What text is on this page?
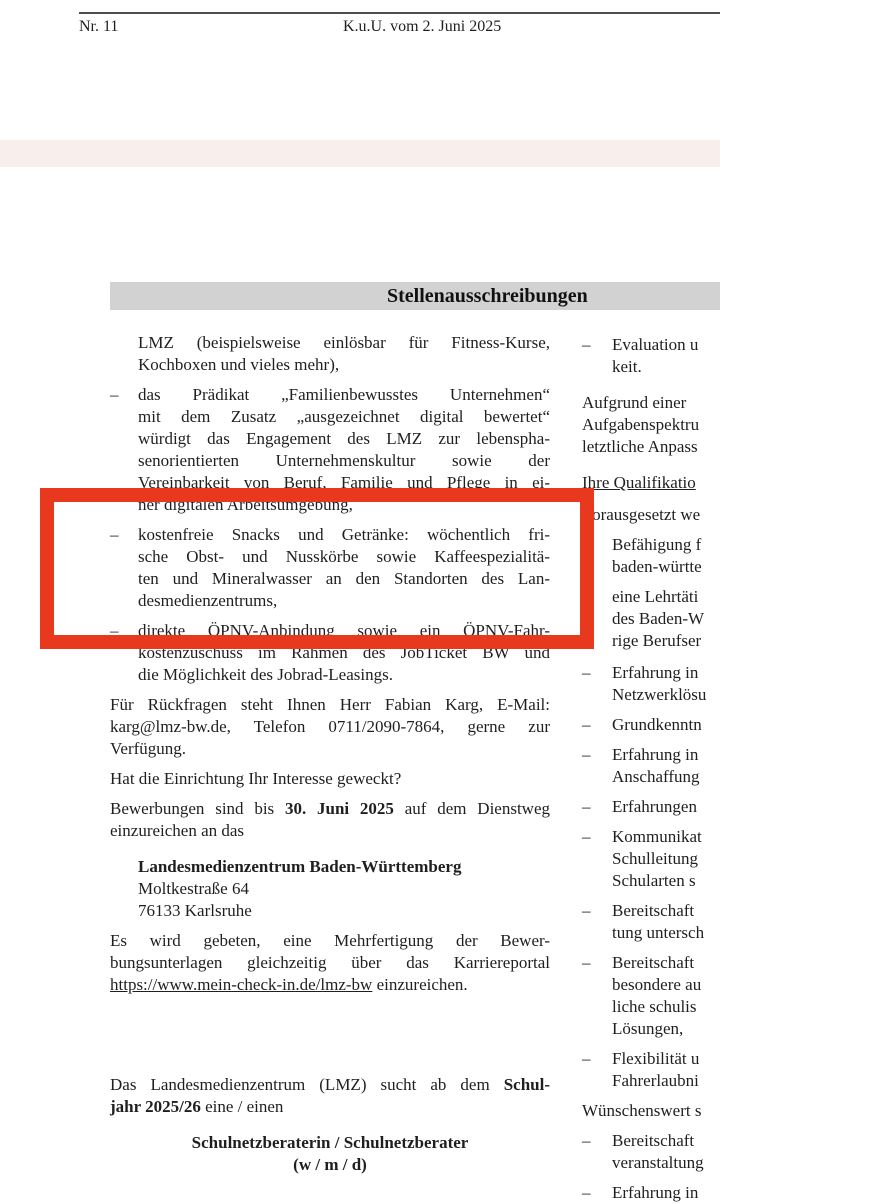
Nr. 11	K.u.U. vom 2. Juni 2025
Stellenausschreibungen
LMZ (beispielsweise einlösbar für Fitness-Kurse,
Kochboxen und vieles mehr),
– das Prädikat „Familienbewusstes Unternehmen“
mit dem Zusatz „ausgezeichnet digital bewertet“
würdigt das Engagement des LMZ zur lebenspha-
senorientierten Unternehmenskultur sowie der
Vereinbarkeit von Beruf, Familie und Pflege in ei-
ner digitalen Arbeitsumgebung,
– kostenfreie Snacks und Getränke: wöchentlich fri-
sche Obst- und Nusskörbe sowie Kaffeespezialitä-
ten und Mineralwasser an den Standorten des Lan-
desmedienzentrums,
– direkte ÖPNV-Anbindung sowie ein ÖPNV-Fahr-
kostenzuschuss im Rahmen des JobTicket BW und
die Möglichkeit des Jobrad-Leasings.
Für Rückfragen steht Ihnen Herr Fabian Karg, E-Mail:
karg@lmz-bw.de, Telefon 0711/2090-7864, gerne zur
Verfügung.
Hat die Einrichtung Ihr Interesse geweckt?
Bewerbungen sind bis 30. Juni 2025 auf dem Dienstweg
einzureichen an das
Landesmedienzentrum Baden-Württemberg
Moltkestraße 64
76133 Karlsruhe
Es wird gebeten, eine Mehrfertigung der Bewer-
bungsunterlagen gleichzeitig über das Karriereportal
https://www.mein-check-in.de/lmz-bw einzureichen.
Das Landesmedienzentrum (LMZ) sucht ab dem Schul-
jahr 2025/26 eine / einen
Schulnetzberaterin / Schulnetzberater
(w / m / d)
– Evaluation u
keit.
Aufgrund einer
Aufgabenspektru
letztliche Anpass
Ihre Qualifikatio
Vorausgesetzt we
– Befähigung f
baden-württe
– eine Lehrtäti
des Baden-W
rige Berufser
– Erfahrung in
Netzwerklösu
– Grundkenntn
– Erfahrung in
Anschaffung
– Erfahrungen
– Kommunikat
Schulleitung
Schularten s
– Bereitschaft
tung untersch
– Bereitschaft
besondere au
liche schulis
Lösungen,
– Flexibilität u
Fahrerlaubni
Wünschenswert s
– Bereitschaft
veranstaltung
– Erfahrung in
